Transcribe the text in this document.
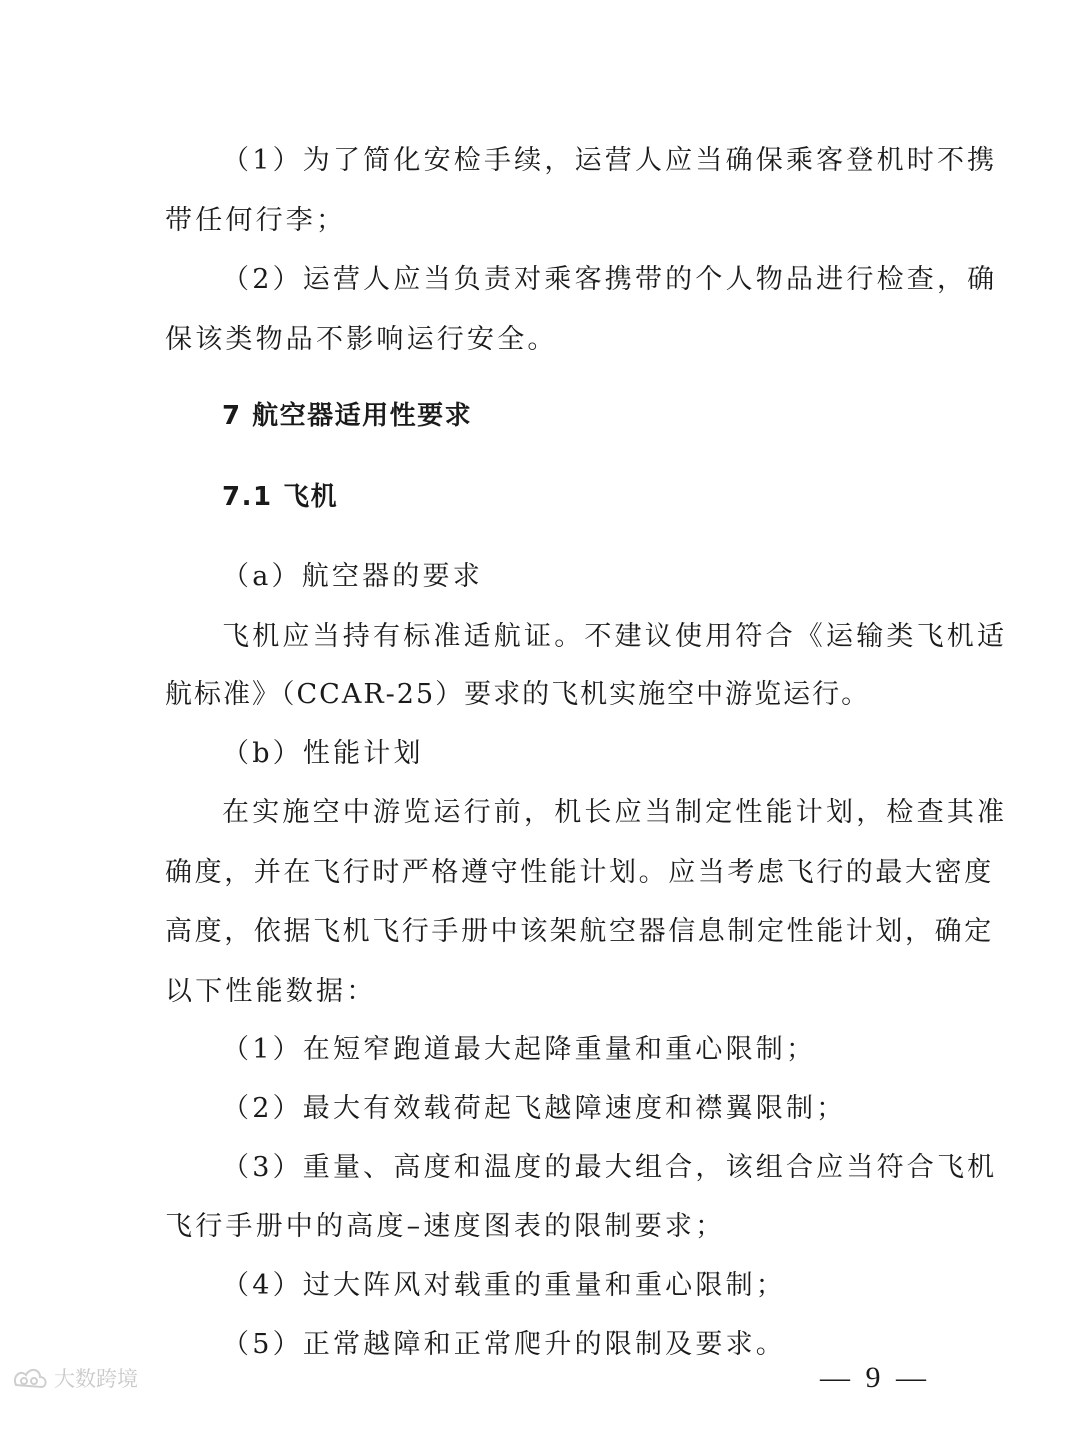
（1）为了简化安检手续，运营人应当确保乘客登机时不携
带任何行李；
（2）运营人应当负责对乘客携带的个人物品进行检查，确
保该类物品不影响运行安全。
7 航空器适用性要求
7.1 飞机
（a）航空器的要求
飞机应当持有标准适航证。不建议使用符合《运输类飞机适
航标准》（CCAR-25）要求的飞机实施空中游览运行。
（b）性能计划
在实施空中游览运行前，机长应当制定性能计划，检查其准
确度，并在飞行时严格遵守性能计划。应当考虑飞行的最大密度
高度，依据飞机飞行手册中该架航空器信息制定性能计划，确定
以下性能数据：
（1）在短窄跑道最大起降重量和重心限制；
（2）最大有效载荷起飞越障速度和襟翼限制；
（3）重量、高度和温度的最大组合，该组合应当符合飞机
飞行手册中的高度–速度图表的限制要求；
（4）过大阵风对载重的重量和重心限制；
（5）正常越障和正常爬升的限制及要求。
大数跨境	— 9 —
